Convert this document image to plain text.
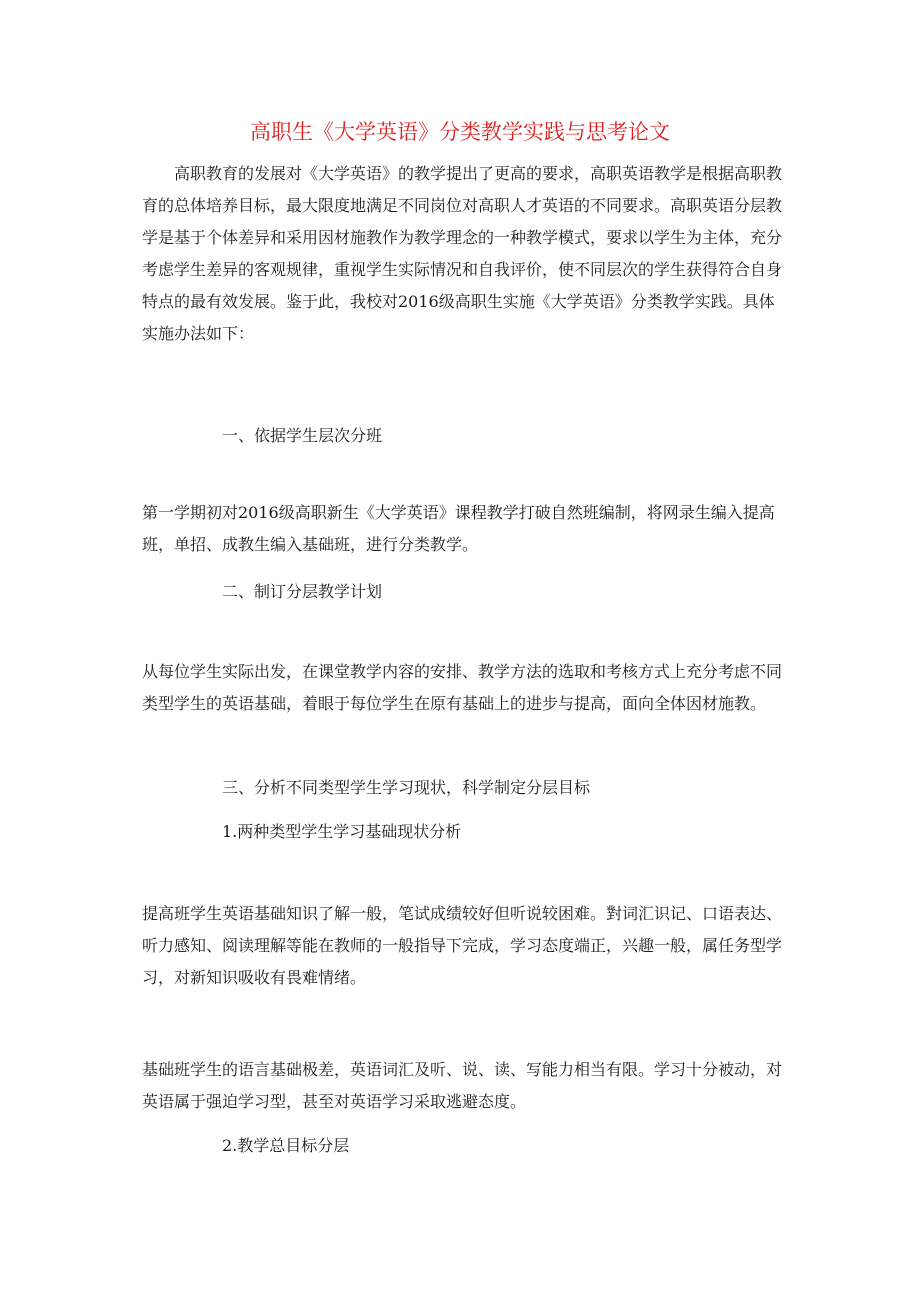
高职生《大学英语》分类教学实践与思考论文

高职教育的发展对《大学英语》的教学提出了更高的要求，高职英语教学是根据高职教育的总体培养目标，最大限度地满足不同岗位对高职人才英语的不同要求。高职英语分层教学是基于个体差异和采用因材施教作为教学理念的一种教学模式，要求以学生为主体，充分考虑学生差异的客观规律，重视学生实际情况和自我评价，使不同层次的学生获得符合自身特点的最有效发展。鉴于此，我校对2016级高职生实施《大学英语》分类教学实践。具体实施办法如下：

一、依据学生层次分班

第一学期初对2016级高职新生《大学英语》课程教学打破自然班编制，将网录生编入提高班，单招、成教生编入基础班，进行分类教学。

二、制订分层教学计划

从每位学生实际出发，在课堂教学内容的安排、教学方法的选取和考核方式上充分考虑不同类型学生的英语基础，着眼于每位学生在原有基础上的进步与提高，面向全体因材施教。

三、分析不同类型学生学习现状，科学制定分层目标
1.两种类型学生学习基础现状分析

提高班学生英语基础知识了解一般，笔试成绩较好但听说较困难。對词汇识记、口语表达、听力感知、阅读理解等能在教师的一般指导下完成，学习态度端正，兴趣一般，属任务型学习，对新知识吸收有畏难情绪。

基础班学生的语言基础极差，英语词汇及听、说、读、写能力相当有限。学习十分被动，对英语属于强迫学习型，甚至对英语学习采取逃避态度。

2.教学总目标分层
